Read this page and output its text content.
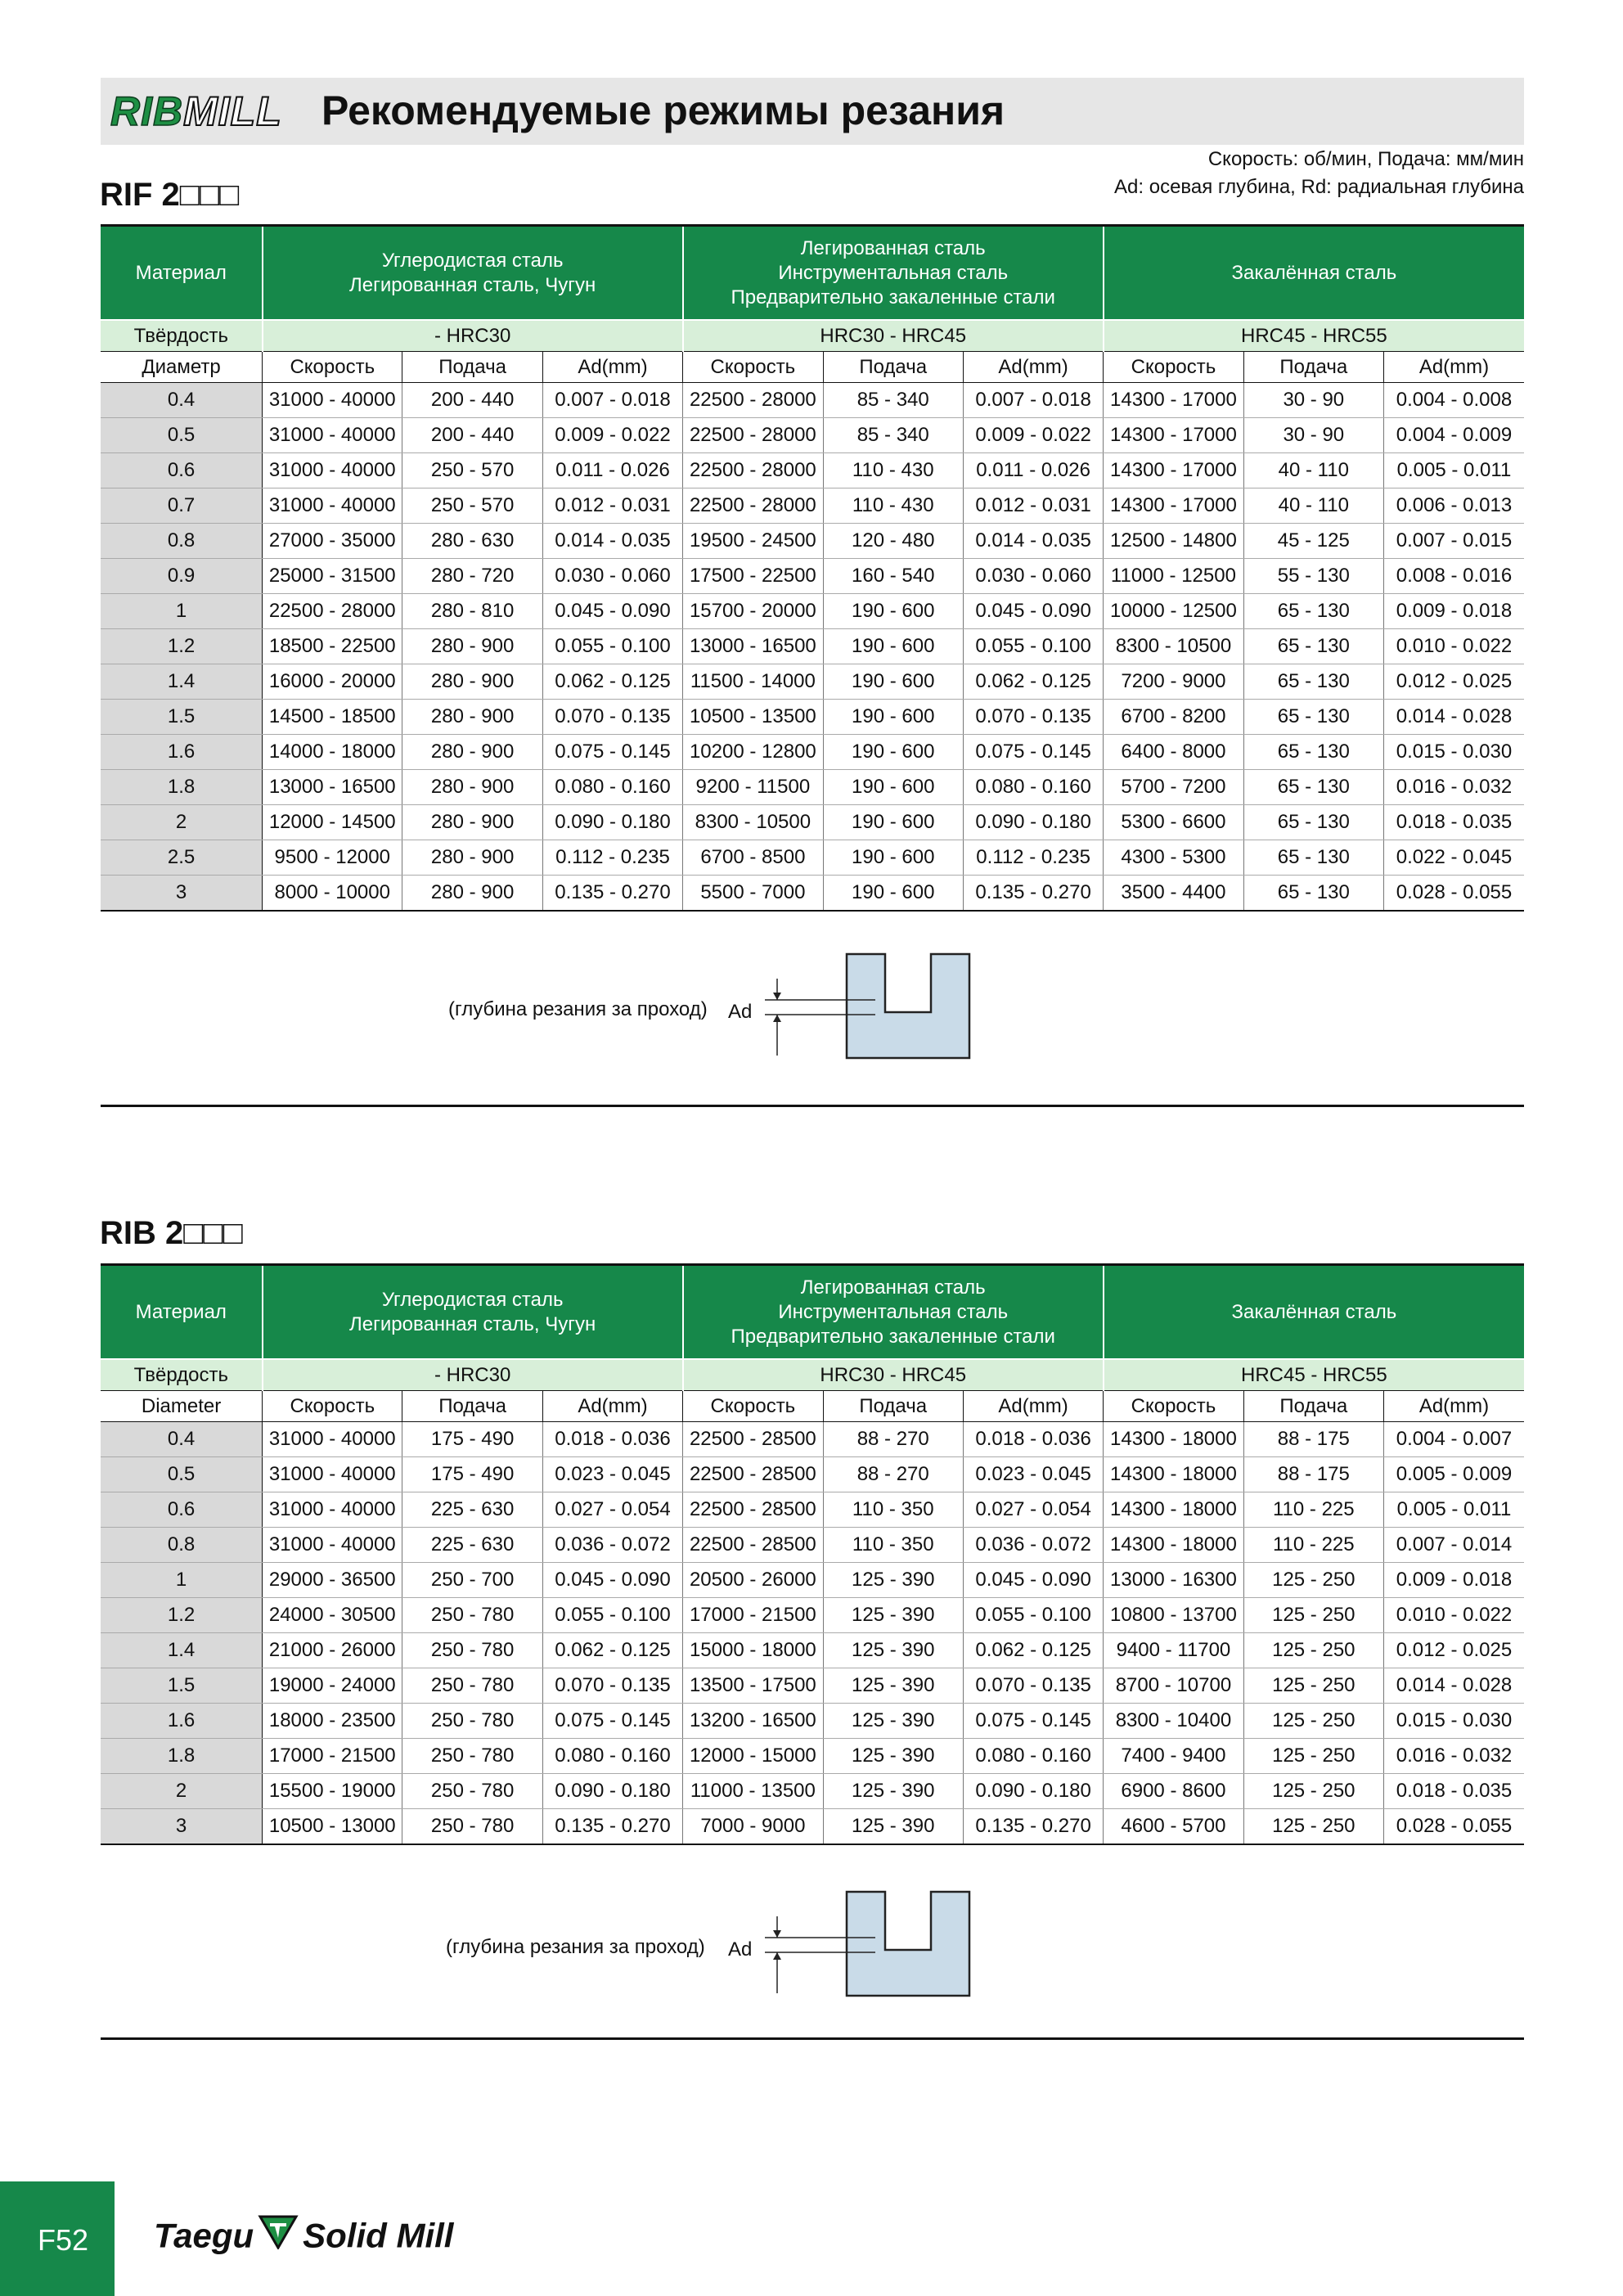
RIBMILL Рекомендуемые режимы резания
Скорость: об/мин, Подача: мм/мин
Ad: осевая глубина, Rd: радиальная глубина
RIF 2□□□
Материал	Углеродистая сталь
Легированная сталь, Чугун			Легированная сталь
Инструментальная сталь
Предварительно закаленные стали			Закалённая сталь		
Твёрдость	- HRC30			HRC30 - HRC45			HRC45 - HRC55		
Диаметр	Скорость	Подача	Ad(mm)	Скорость	Подача	Ad(mm)	Скорость	Подача	Ad(mm)
0.4	31000 - 40000	200 - 440	0.007 - 0.018	22500 - 28000	85 - 340	0.007 - 0.018	14300 - 17000	30 - 90	0.004 - 0.008
0.5	31000 - 40000	200 - 440	0.009 - 0.022	22500 - 28000	85 - 340	0.009 - 0.022	14300 - 17000	30 - 90	0.004 - 0.009
0.6	31000 - 40000	250 - 570	0.011 - 0.026	22500 - 28000	110 - 430	0.011 - 0.026	14300 - 17000	40 - 110	0.005 - 0.011
0.7	31000 - 40000	250 - 570	0.012 - 0.031	22500 - 28000	110 - 430	0.012 - 0.031	14300 - 17000	40 - 110	0.006 - 0.013
0.8	27000 - 35000	280 - 630	0.014 - 0.035	19500 - 24500	120 - 480	0.014 - 0.035	12500 - 14800	45 - 125	0.007 - 0.015
0.9	25000 - 31500	280 - 720	0.030 - 0.060	17500 - 22500	160 - 540	0.030 - 0.060	11000 - 12500	55 - 130	0.008 - 0.016
1	22500 - 28000	280 - 810	0.045 - 0.090	15700 - 20000	190 - 600	0.045 - 0.090	10000 - 12500	65 - 130	0.009 - 0.018
1.2	18500 - 22500	280 - 900	0.055 - 0.100	13000 - 16500	190 - 600	0.055 - 0.100	8300 - 10500	65 - 130	0.010 - 0.022
1.4	16000 - 20000	280 - 900	0.062 - 0.125	11500 - 14000	190 - 600	0.062 - 0.125	7200 - 9000	65 - 130	0.012 - 0.025
1.5	14500 - 18500	280 - 900	0.070 - 0.135	10500 - 13500	190 - 600	0.070 - 0.135	6700 - 8200	65 - 130	0.014 - 0.028
1.6	14000 - 18000	280 - 900	0.075 - 0.145	10200 - 12800	190 - 600	0.075 - 0.145	6400 - 8000	65 - 130	0.015 - 0.030
1.8	13000 - 16500	280 - 900	0.080 - 0.160	9200 - 11500	190 - 600	0.080 - 0.160	5700 - 7200	65 - 130	0.016 - 0.032
2	12000 - 14500	280 - 900	0.090 - 0.180	8300 - 10500	190 - 600	0.090 - 0.180	5300 - 6600	65 - 130	0.018 - 0.035
2.5	9500 - 12000	280 - 900	0.112 - 0.235	6700 - 8500	190 - 600	0.112 - 0.235	4300 - 5300	65 - 130	0.022 - 0.045
3	8000 - 10000	280 - 900	0.135 - 0.270	5500 - 7000	190 - 600	0.135 - 0.270	3500 - 4400	65 - 130	0.028 - 0.055
(глубина резания за проход) Ad
RIB 2□□□
Материал	Углеродистая сталь
Легированная сталь, Чугун			Легированная сталь
Инструментальная сталь
Предварительно закаленные стали			Закалённая сталь		
Твёрдость	- HRC30			HRC30 - HRC45			HRC45 - HRC55		
Diameter	Скорость	Подача	Ad(mm)	Скорость	Подача	Ad(mm)	Скорость	Подача	Ad(mm)
0.4	31000 - 40000	175 - 490	0.018 - 0.036	22500 - 28500	88 - 270	0.018 - 0.036	14300 - 18000	88 - 175	0.004 - 0.007
0.5	31000 - 40000	175 - 490	0.023 - 0.045	22500 - 28500	88 - 270	0.023 - 0.045	14300 - 18000	88 - 175	0.005 - 0.009
0.6	31000 - 40000	225 - 630	0.027 - 0.054	22500 - 28500	110 - 350	0.027 - 0.054	14300 - 18000	110 - 225	0.005 - 0.011
0.8	31000 - 40000	225 - 630	0.036 - 0.072	22500 - 28500	110 - 350	0.036 - 0.072	14300 - 18000	110 - 225	0.007 - 0.014
1	29000 - 36500	250 - 700	0.045 - 0.090	20500 - 26000	125 - 390	0.045 - 0.090	13000 - 16300	125 - 250	0.009 - 0.018
1.2	24000 - 30500	250 - 780	0.055 - 0.100	17000 - 21500	125 - 390	0.055 - 0.100	10800 - 13700	125 - 250	0.010 - 0.022
1.4	21000 - 26000	250 - 780	0.062 - 0.125	15000 - 18000	125 - 390	0.062 - 0.125	9400 - 11700	125 - 250	0.012 - 0.025
1.5	19000 - 24000	250 - 780	0.070 - 0.135	13500 - 17500	125 - 390	0.070 - 0.135	8700 - 10700	125 - 250	0.014 - 0.028
1.6	18000 - 23500	250 - 780	0.075 - 0.145	13200 - 16500	125 - 390	0.075 - 0.145	8300 - 10400	125 - 250	0.015 - 0.030
1.8	17000 - 21500	250 - 780	0.080 - 0.160	12000 - 15000	125 - 390	0.080 - 0.160	7400 - 9400	125 - 250	0.016 - 0.032
2	15500 - 19000	250 - 780	0.090 - 0.180	11000 - 13500	125 - 390	0.090 - 0.180	6900 - 8600	125 - 250	0.018 - 0.035
3	10500 - 13000	250 - 780	0.135 - 0.270	7000 - 9000	125 - 390	0.135 - 0.270	4600 - 5700	125 - 250	0.028 - 0.055
(глубина резания за проход) Ad
F52 Taegu Solid Mill
